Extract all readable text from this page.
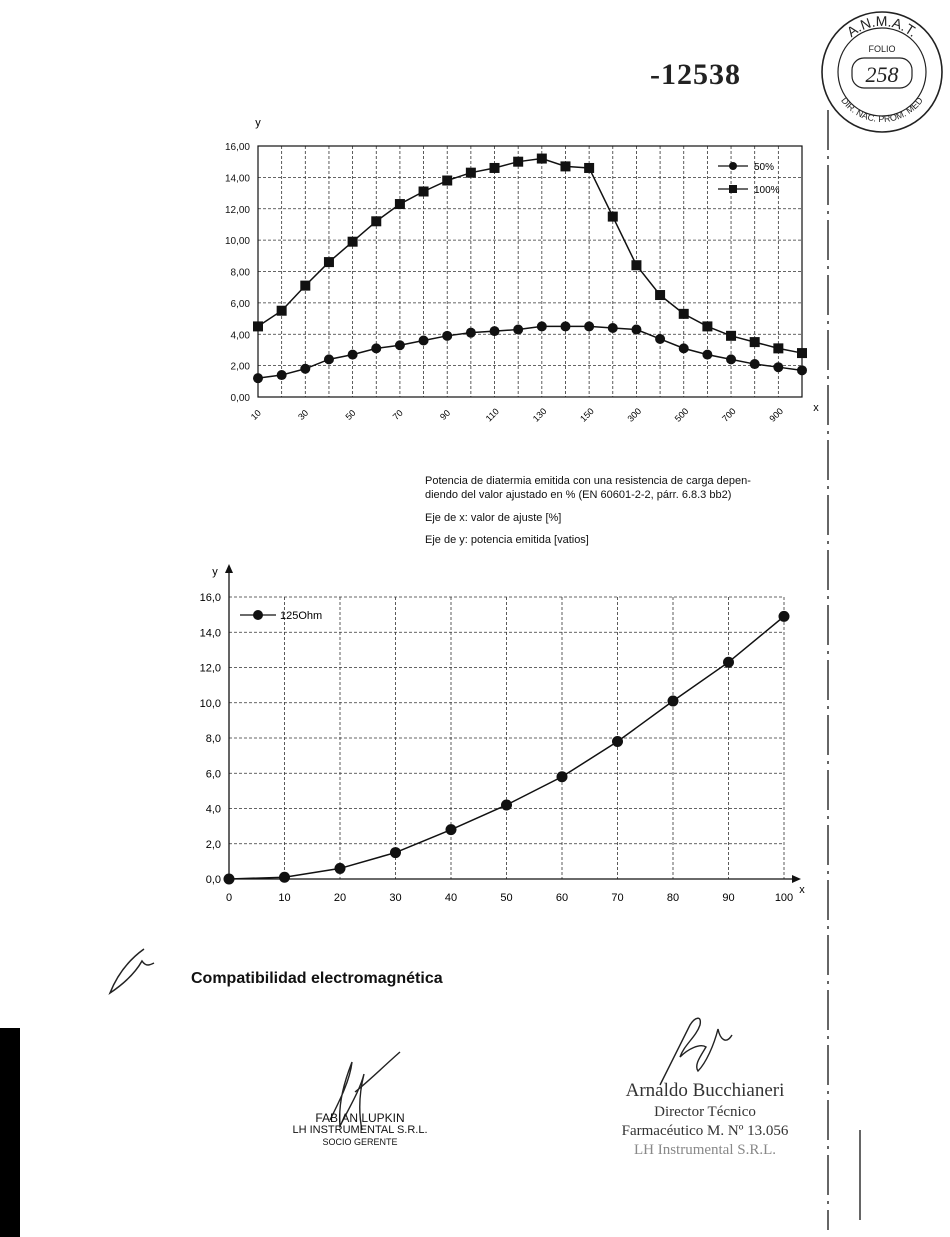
-12538
A.N.M.A.T.
FOLIO
258
DIR. NAC. PROM. MED
0,00
2,00
4,00
6,00
8,00
10,00
12,00
14,00
16,00
y
x
10	30	50	70	90	110	130	150	300	500	700	900
50%
100%
Potencia de diatermia emitida con una resistencia de carga depen-
diendo del valor ajustado en % (EN 60601-2-2, párr. 6.8.3 bb2)
Eje de x: valor de ajuste [%]
Eje de y: potencia emitida [vatios]
0	10	20	30	40	50	60	70	80	90	100
0,0
2,0
4,0
6,0
8,0
10,0
12,0
14,0
16,0
y
x
125Ohm
Compatibilidad electromagnética
FABIAN LUPKIN
LH INSTRUMENTAL S.R.L.
SOCIO GERENTE
Arnaldo Bucchianeri
Director Técnico
Farmacéutico M. Nº 13.056
LH Instrumental S.R.L.
